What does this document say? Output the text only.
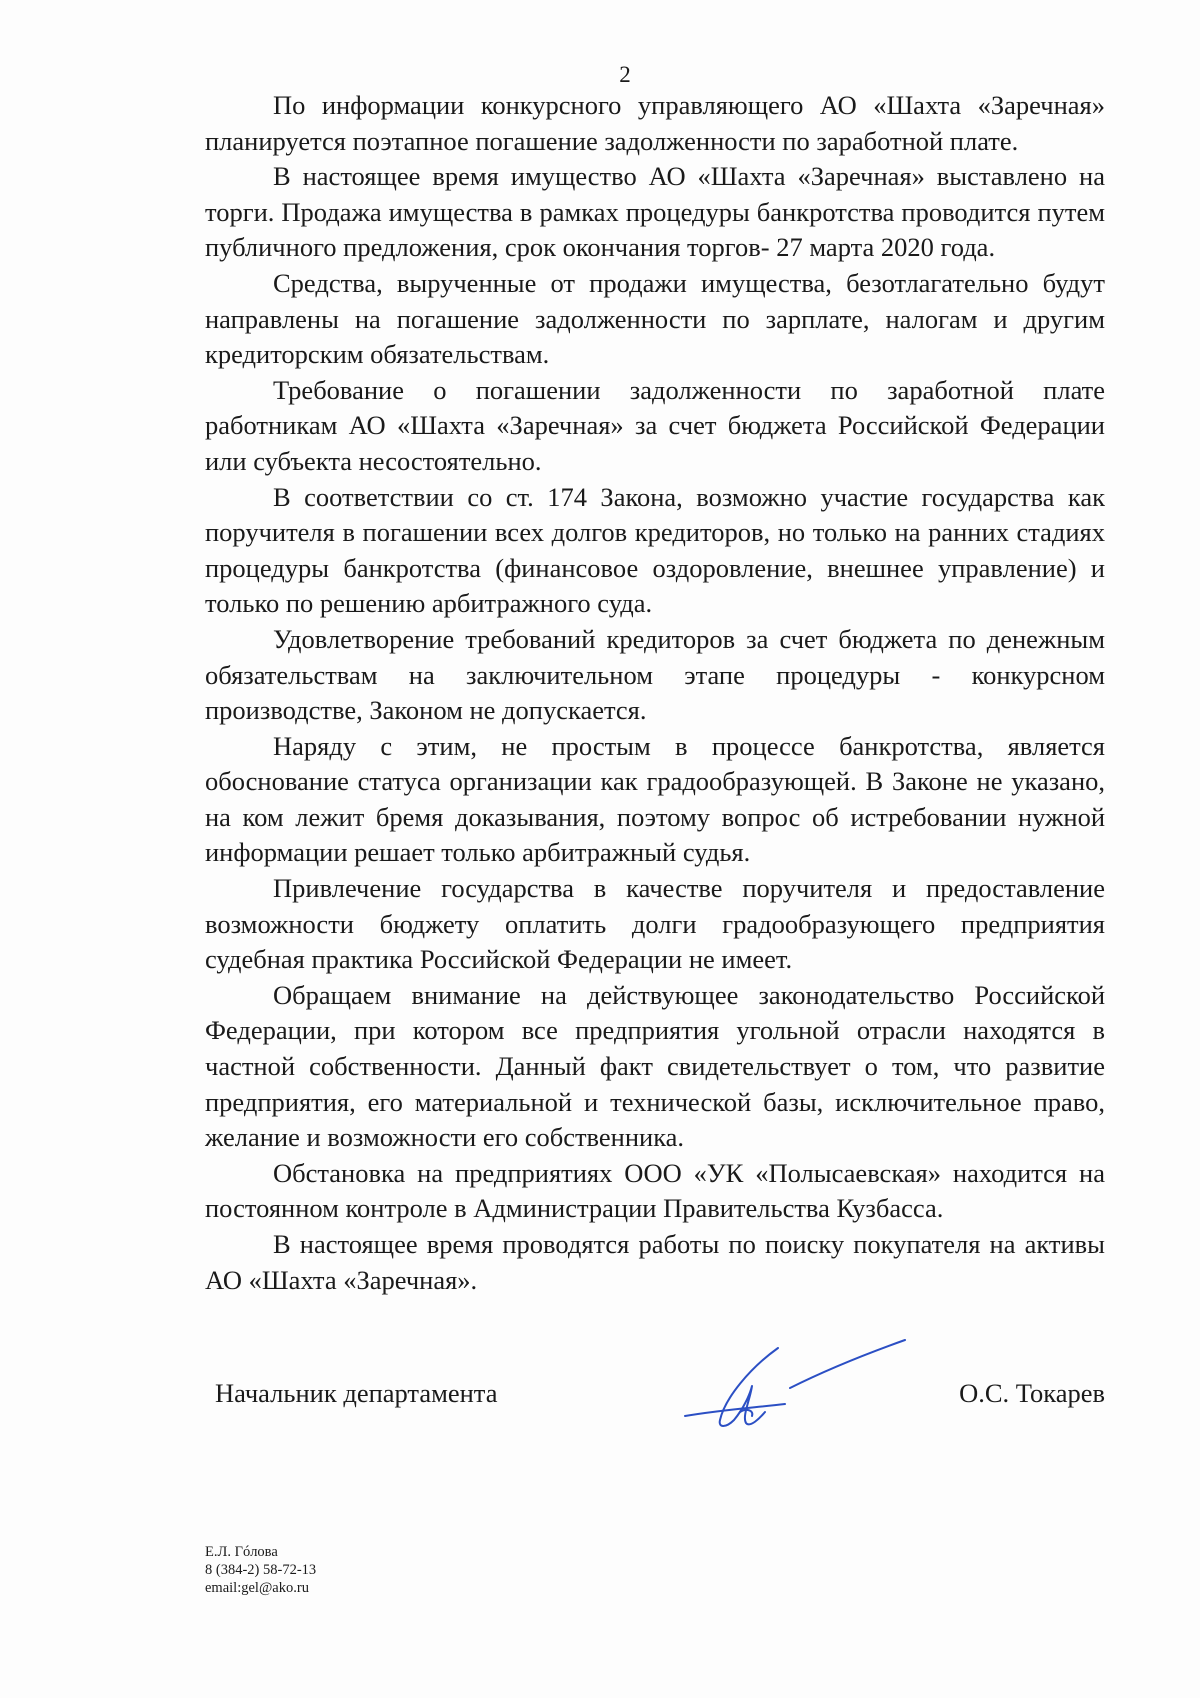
2

По информации конкурсного управляющего АО «Шахта «Заречная» планируется поэтапное погашение задолженности по заработной плате.

В настоящее время имущество АО «Шахта «Заречная» выставлено на торги. Продажа имущества в рамках процедуры банкротства проводится путем публичного предложения, срок окончания торгов- 27 марта 2020 года.

Средства, вырученные от продажи имущества, безотлагательно будут направлены на погашение задолженности по зарплате, налогам и другим кредиторским обязательствам.

Требование о погашении задолженности по заработной плате работникам АО «Шахта «Заречная» за счет бюджета Российской Федерации или субъекта несостоятельно.

В соответствии со ст. 174 Закона, возможно участие государства как поручителя в погашении всех долгов кредиторов, но только на ранних стадиях процедуры банкротства (финансовое оздоровление, внешнее управление) и только по решению арбитражного суда.

Удовлетворение требований кредиторов за счет бюджета по денежным обязательствам на заключительном этапе процедуры - конкурсном производстве, Законом не допускается.

Наряду с этим, не простым в процессе банкротства, является обоснование статуса организации как градообразующей. В Законе не указано, на ком лежит бремя доказывания, поэтому вопрос об истребовании нужной информации решает только арбитражный судья.

Привлечение государства в качестве поручителя и предоставление возможности бюджету оплатить долги градообразующего предприятия судебная практика Российской Федерации не имеет.

Обращаем внимание на действующее законодательство Российской Федерации, при котором все предприятия угольной отрасли находятся в частной собственности. Данный факт свидетельствует о том, что развитие предприятия, его материальной и технической базы, исключительное право, желание и возможности его собственника.

Обстановка на предприятиях ООО «УК «Полысаевская» находится на постоянном контроле в Администрации Правительства Кузбасса.

В настоящее время проводятся работы по поиску покупателя на активы АО «Шахта «Заречная».

Начальник департамента	О.С. Токарев
Е.Л. Гóлова
8 (384-2) 58-72-13
email:gel@ako.ru
